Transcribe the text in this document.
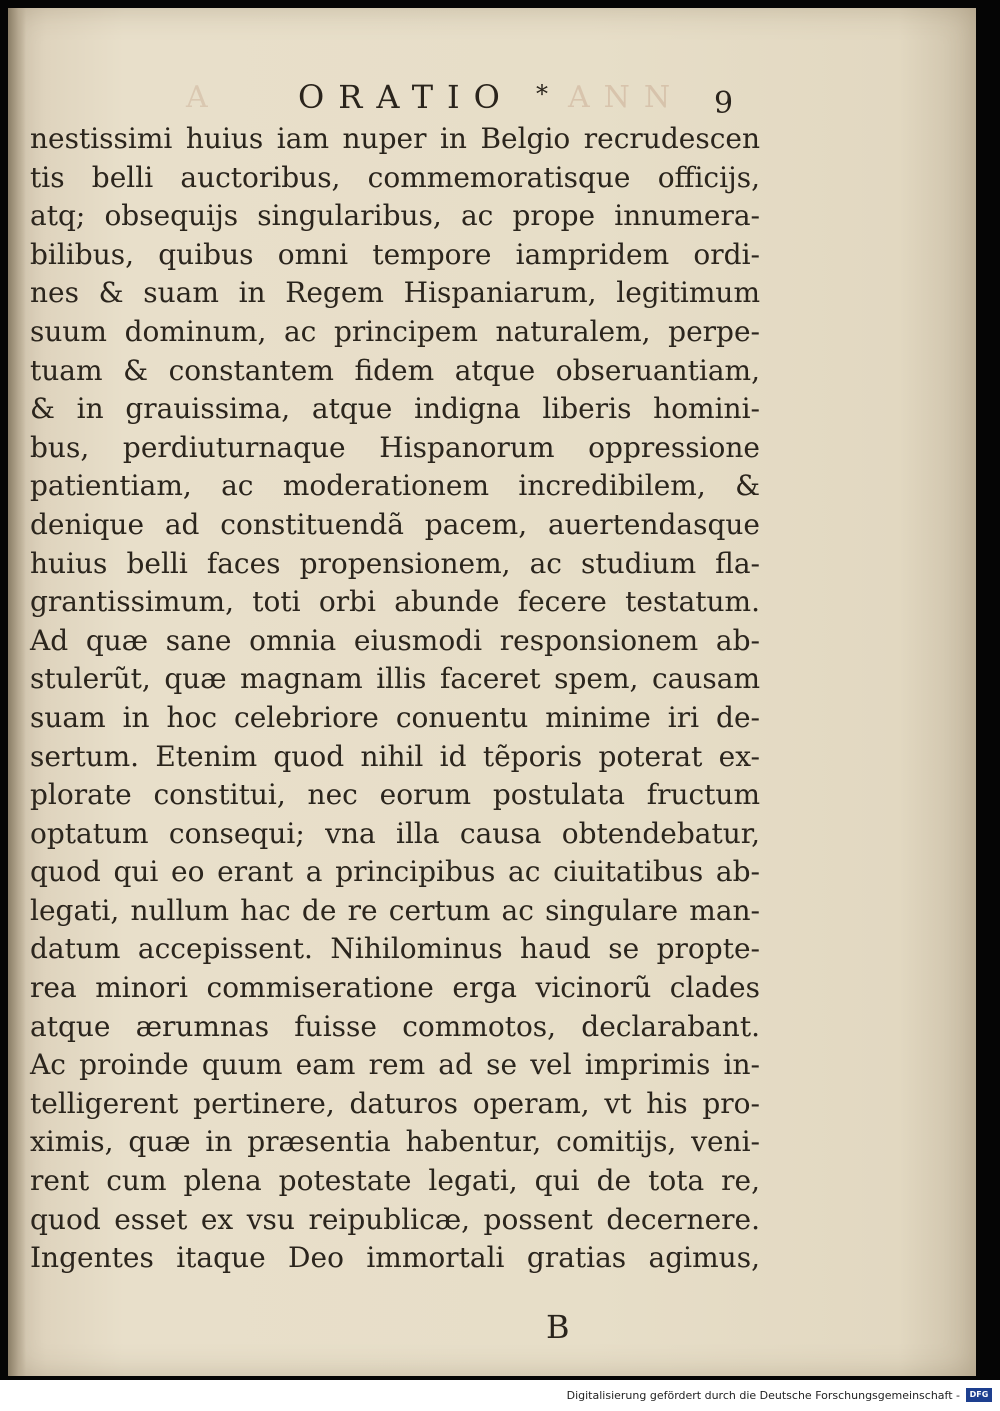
A ORATIO * ANN 9
nestissimi huius iam nuper in Belgio recrudescen
tis belli auctoribus, commemoratisque officijs,
atq; obsequijs singularibus, ac prope innumera-
bilibus, quibus omni tempore iampridem ordi-
nes & suam in Regem Hispaniarum, legitimum
suum dominum, ac principem naturalem, perpe-
tuam & constantem fidem atque obseruantiam,
& in grauissima, atque indigna liberis homini-
bus, perdiuturnaque Hispanorum oppressione
patientiam, ac moderationem incredibilem, &
denique ad constituendã pacem, auertendasque
huius belli faces propensionem, ac studium fla-
grantissimum, toti orbi abunde fecere testatum.
Ad quæ sane omnia eiusmodi responsionem ab-
stulerũt, quæ magnam illis faceret spem, causam
suam in hoc celebriore conuentu minime iri de-
sertum. Etenim quod nihil id tẽporis poterat ex-
plorate constitui, nec eorum postulata fructum
optatum consequi; vna illa causa obtendebatur,
quod qui eo erant a principibus ac ciuitatibus ab-
legati, nullum hac de re certum ac singulare man-
datum accepissent. Nihilominus haud se propte-
rea minori commiseratione erga vicinorũ clades
atque ærumnas fuisse commotos, declarabant.
Ac proinde quum eam rem ad se vel imprimis in-
telligerent pertinere, daturos operam, vt his pro-
ximis, quæ in præsentia habentur, comitijs, veni-
rent cum plena potestate legati, qui de tota re,
quod esset ex vsu reipublicæ, possent decernere.
Ingentes itaque Deo immortali gratias agimus,
B
Digitalisierung gefördert durch die Deutsche Forschungsgemeinschaft -	DFG
